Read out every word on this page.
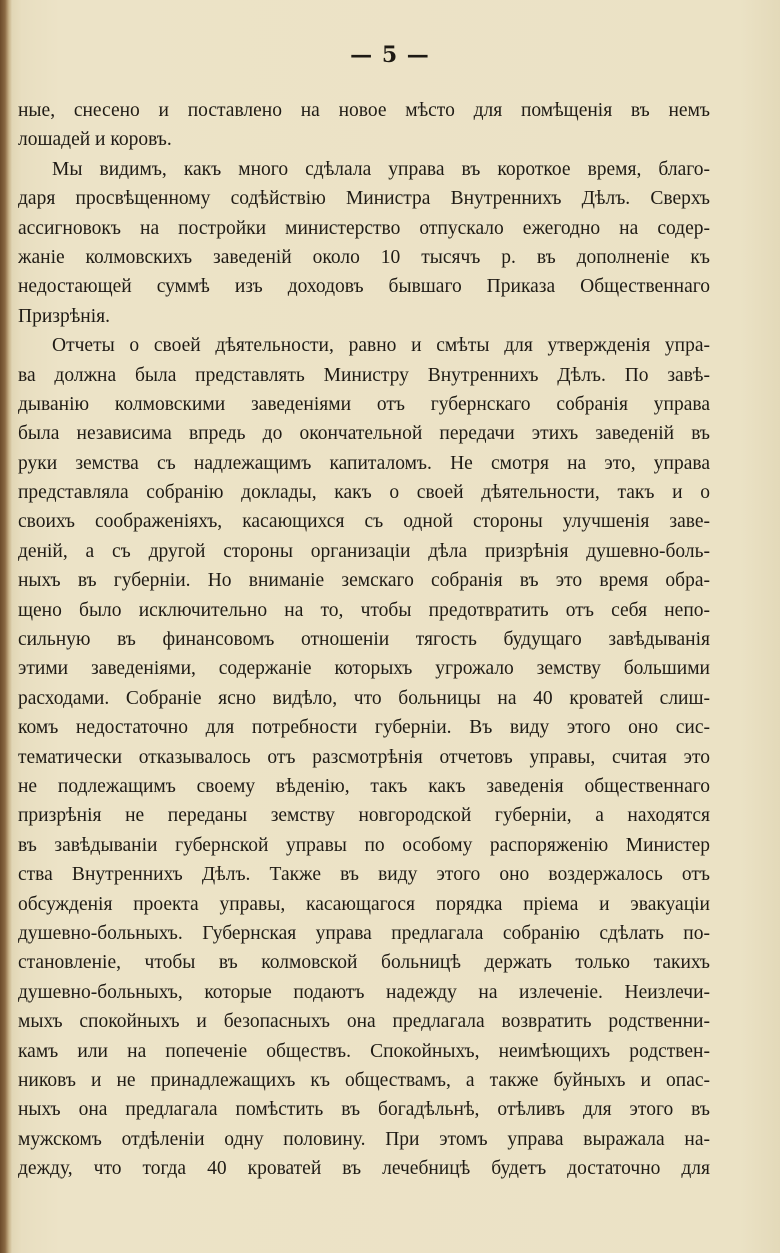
— 5 —
ные, снесено и поставлено на новое мѣсто для помѣщенія въ немъ
лошадей и коровъ.
Мы видимъ, какъ много сдѣлала управа въ короткое время, благо-
даря просвѣщенному содѣйствію Министра Внутреннихъ Дѣлъ. Сверхъ
ассигновокъ на постройки министерство отпускало ежегодно на содер-
жаніе колмовскихъ заведеній около 10 тысячъ р. въ дополненіе къ
недостающей суммѣ изъ доходовъ бывшаго Приказа Общественнаго
Призрѣнія.
Отчеты о своей дѣятельности, равно и смѣты для утвержденія упра-
ва должна была представлять Министру Внутреннихъ Дѣлъ. По завѣ-
дыванію колмовскими заведеніями отъ губернскаго собранія управа
была независима впредь до окончательной передачи этихъ заведеній въ
руки земства съ надлежащимъ капиталомъ. Не смотря на это, управа
представляла собранію доклады, какъ о своей дѣятельности, такъ и о
своихъ соображеніяхъ, касающихся съ одной стороны улучшенія заве-
деній, а съ другой стороны организаціи дѣла призрѣнія душевно-боль-
ныхъ въ губерніи. Но вниманіе земскаго собранія въ это время обра-
щено было исключительно на то, чтобы предотвратить отъ себя непо-
сильную въ финансовомъ отношеніи тягость будущаго завѣдыванія
этими заведеніями, содержаніе которыхъ угрожало земству большими
расходами. Собраніе ясно видѣло, что больницы на 40 кроватей слиш-
комъ недостаточно для потребности губерніи. Въ виду этого оно сис-
тематически отказывалось отъ разсмотрѣнія отчетовъ управы, считая это
не подлежащимъ своему вѣденію, такъ какъ заведенія общественнаго
призрѣнія не переданы земству новгородской губерніи, а находятся
въ завѣдываніи губернской управы по особому распоряженію Министер
ства Внутреннихъ Дѣлъ. Также въ виду этого оно воздержалось отъ
обсужденія проекта управы, касающагося порядка пріема и эвакуаціи
душевно-больныхъ. Губернская управа предлагала собранію сдѣлать по-
становленіе, чтобы въ колмовской больницѣ держать только такихъ
душевно-больныхъ, которые подаютъ надежду на излеченіе. Неизлечи-
мыхъ спокойныхъ и безопасныхъ она предлагала возвратить родственни-
камъ или на попеченіе обществъ. Спокойныхъ, неимѣющихъ родствен-
никовъ и не принадлежащихъ къ обществамъ, а также буйныхъ и опас-
ныхъ она предлагала помѣстить въ богадѣльнѣ, отѣливъ для этого въ
мужскомъ отдѣленіи одну половину. При этомъ управа выражала на-
дежду, что тогда 40 кроватей въ лечебницѣ будетъ достаточно для
